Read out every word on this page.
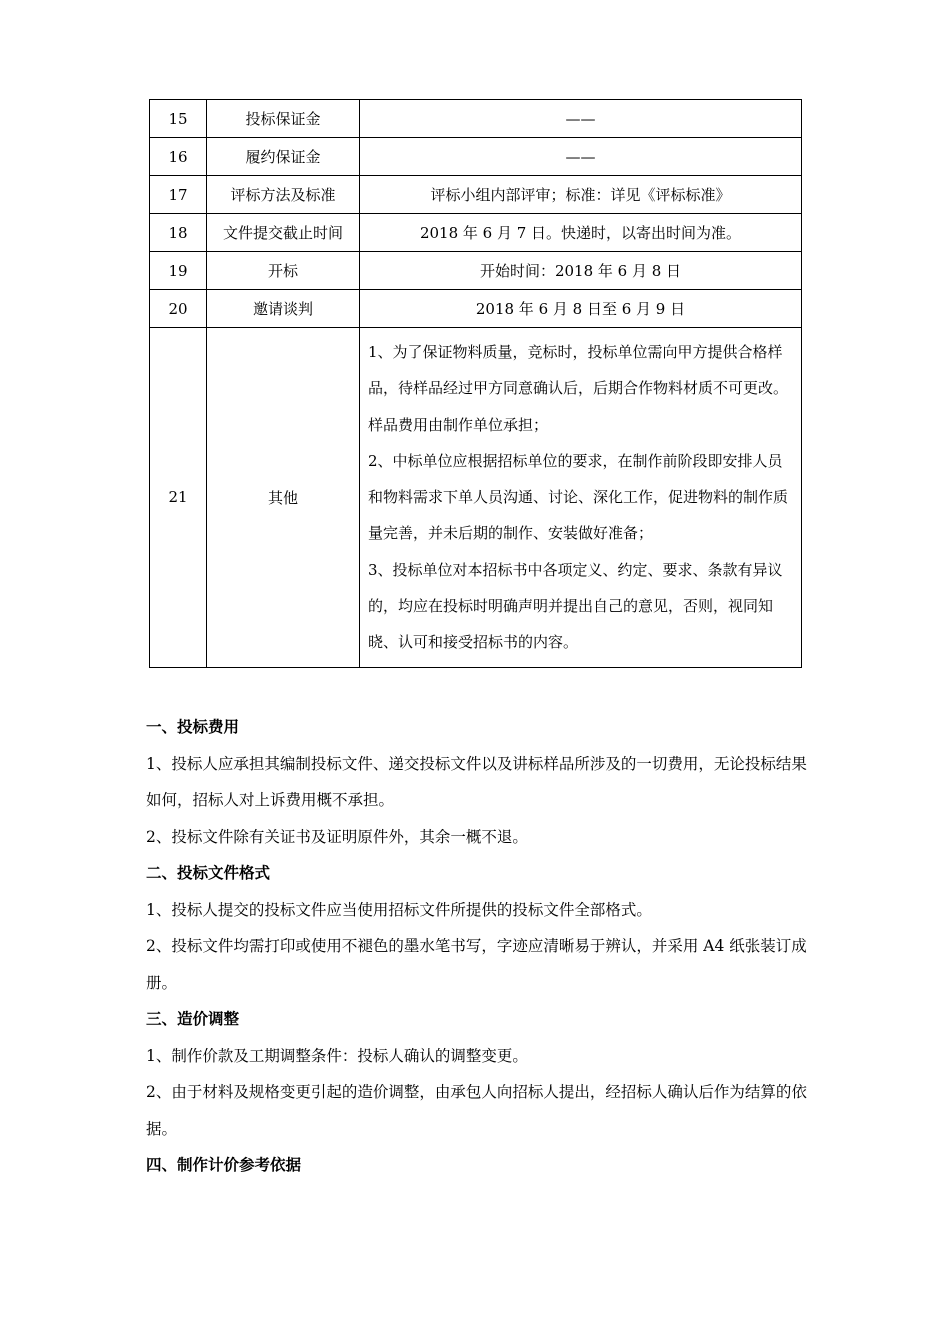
15	投标保证金	——
16	履约保证金	——
17	评标方法及标准	评标小组内部评审；标准：详见《评标标准》
18	文件提交截止时间	2018 年 6 月 7 日。快递时，以寄出时间为准。
19	开标	开始时间：2018 年 6 月 8 日
20	邀请谈判	2018 年 6 月 8 日至 6 月 9 日
21	其他	1、为了保证物料质量，竞标时，投标单位需向甲方提供合格样品，待样品经过甲方同意确认后，后期合作物料材质不可更改。样品费用由制作单位承担；

2、中标单位应根据招标单位的要求，在制作前阶段即安排人员和物料需求下单人员沟通、讨论、深化工作，促进物料的制作质量完善，并未后期的制作、安装做好准备；

3、投标单位对本招标书中各项定义、约定、要求、条款有异议的，均应在投标时明确声明并提出自己的意见，否则，视同知晓、认可和接受招标书的内容。

一、投标费用

1、投标人应承担其编制投标文件、递交投标文件以及讲标样品所涉及的一切费用，无论投标结果如何，招标人对上诉费用概不承担。

2、投标文件除有关证书及证明原件外，其余一概不退。

二、投标文件格式

1、投标人提交的投标文件应当使用招标文件所提供的投标文件全部格式。

2、投标文件均需打印或使用不褪色的墨水笔书写，字迹应清晰易于辨认，并采用 A4 纸张装订成册。

三、造价调整

1、制作价款及工期调整条件：投标人确认的调整变更。

2、由于材料及规格变更引起的造价调整，由承包人向招标人提出，经招标人确认后作为结算的依据。

四、制作计价参考依据
